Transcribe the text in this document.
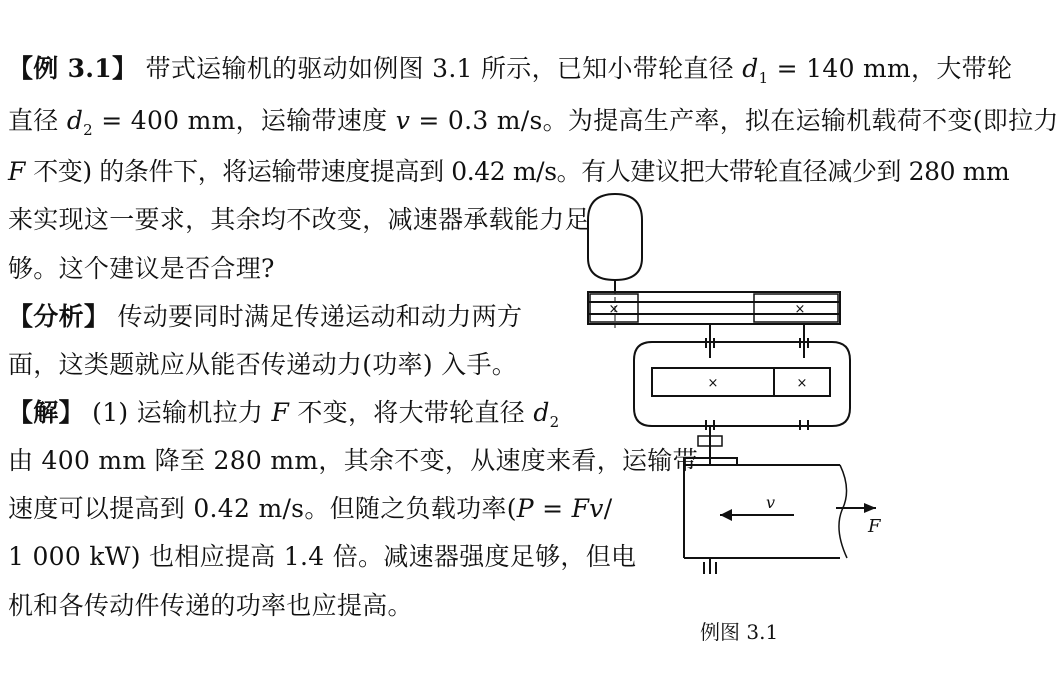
【例 3.1】 带式运输机的驱动如例图 3.1 所示，已知小带轮直径 $d_1 = 140$ mm，大带轮
直径 $d_2 = 400$ mm，运输带速度 v = 0.3 m/s。为提高生产率，拟在运输机载荷不变(即拉力
F 不变) 的条件下，将运输带速度提高到 0.42 m/s。有人建议把大带轮直径减少到 280 mm
来实现这一要求，其余均不改变，减速器承载能力足
够。这个建议是否合理?
【分析】 传动要同时满足传递运动和动力两方
面，这类题就应从能否传递动力(功率) 入手。
【解】 (1) 运输机拉力 F 不变，将大带轮直径 $d_2$
由 400 mm 降至 280 mm，其余不变，从速度来看，运输带
速度可以提高到 0.42 m/s。但随之负载功率(P = Fv/
1 000 kW) 也相应提高 1.4 倍。减速器强度足够，但电
机和各传动件传递的功率也应提高。
×	×
×	×
v
F
例图 3.1
